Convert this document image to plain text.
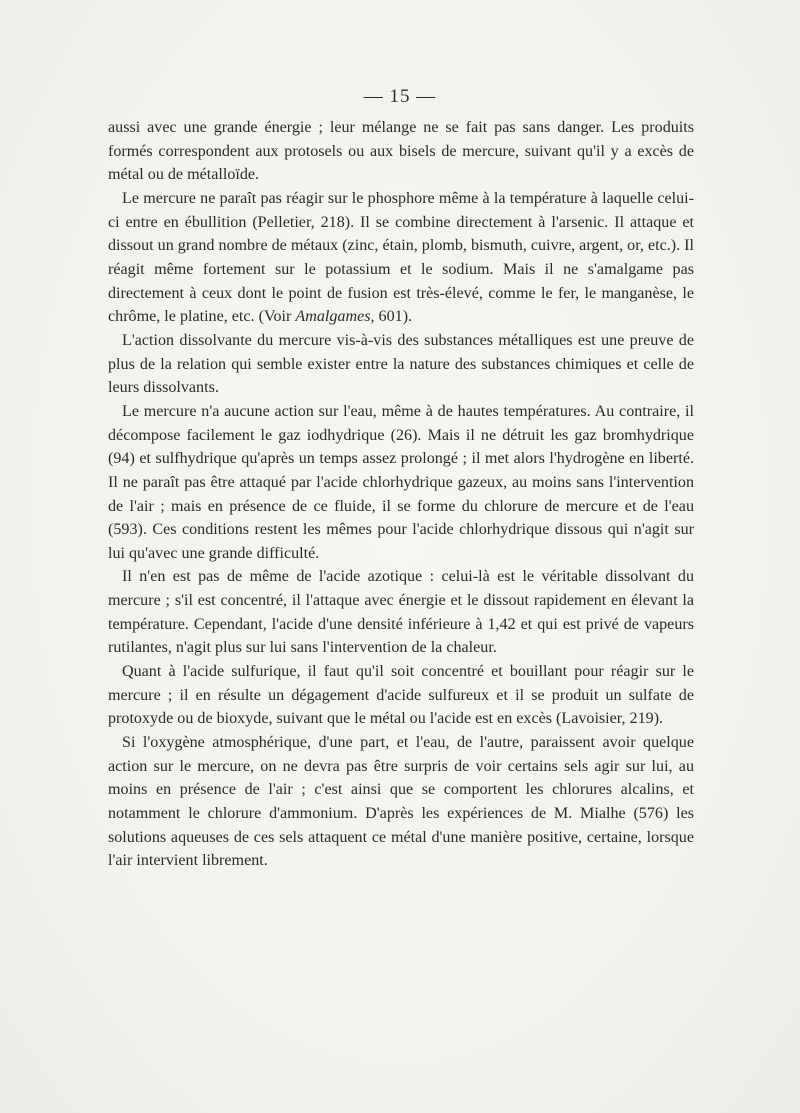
— 15 —

aussi avec une grande énergie ; leur mélange ne se fait pas sans danger. Les produits formés correspondent aux protosels ou aux bisels de mercure, suivant qu'il y a excès de métal ou de métalloïde.

Le mercure ne paraît pas réagir sur le phosphore même à la température à laquelle celui-ci entre en ébullition (Pelletier, 218). Il se combine directement à l'arsenic. Il attaque et dissout un grand nombre de métaux (zinc, étain, plomb, bismuth, cuivre, argent, or, etc.). Il réagit même fortement sur le potassium et le sodium. Mais il ne s'amalgame pas directement à ceux dont le point de fusion est très-élevé, comme le fer, le manganèse, le chrôme, le platine, etc. (Voir Amalgames, 601).

L'action dissolvante du mercure vis-à-vis des substances métalliques est une preuve de plus de la relation qui semble exister entre la nature des substances chimiques et celle de leurs dissolvants.

Le mercure n'a aucune action sur l'eau, même à de hautes températures. Au contraire, il décompose facilement le gaz iodhydrique (26). Mais il ne détruit les gaz bromhydrique (94) et sulfhydrique qu'après un temps assez prolongé ; il met alors l'hydrogène en liberté. Il ne paraît pas être attaqué par l'acide chlorhydrique gazeux, au moins sans l'intervention de l'air ; mais en présence de ce fluide, il se forme du chlorure de mercure et de l'eau (593). Ces conditions restent les mêmes pour l'acide chlorhydrique dissous qui n'agit sur lui qu'avec une grande difficulté.

Il n'en est pas de même de l'acide azotique : celui-là est le véritable dissolvant du mercure ; s'il est concentré, il l'attaque avec énergie et le dissout rapidement en élevant la température. Cependant, l'acide d'une densité inférieure à 1,42 et qui est privé de vapeurs rutilantes, n'agit plus sur lui sans l'intervention de la chaleur.

Quant à l'acide sulfurique, il faut qu'il soit concentré et bouillant pour réagir sur le mercure ; il en résulte un dégagement d'acide sulfureux et il se produit un sulfate de protoxyde ou de bioxyde, suivant que le métal ou l'acide est en excès (Lavoisier, 219).

Si l'oxygène atmosphérique, d'une part, et l'eau, de l'autre, paraissent avoir quelque action sur le mercure, on ne devra pas être surpris de voir certains sels agir sur lui, au moins en présence de l'air ; c'est ainsi que se comportent les chlorures alcalins, et notamment le chlorure d'ammonium. D'après les expériences de M. Mialhe (576) les solutions aqueuses de ces sels attaquent ce métal d'une manière positive, certaine, lorsque l'air intervient librement.
